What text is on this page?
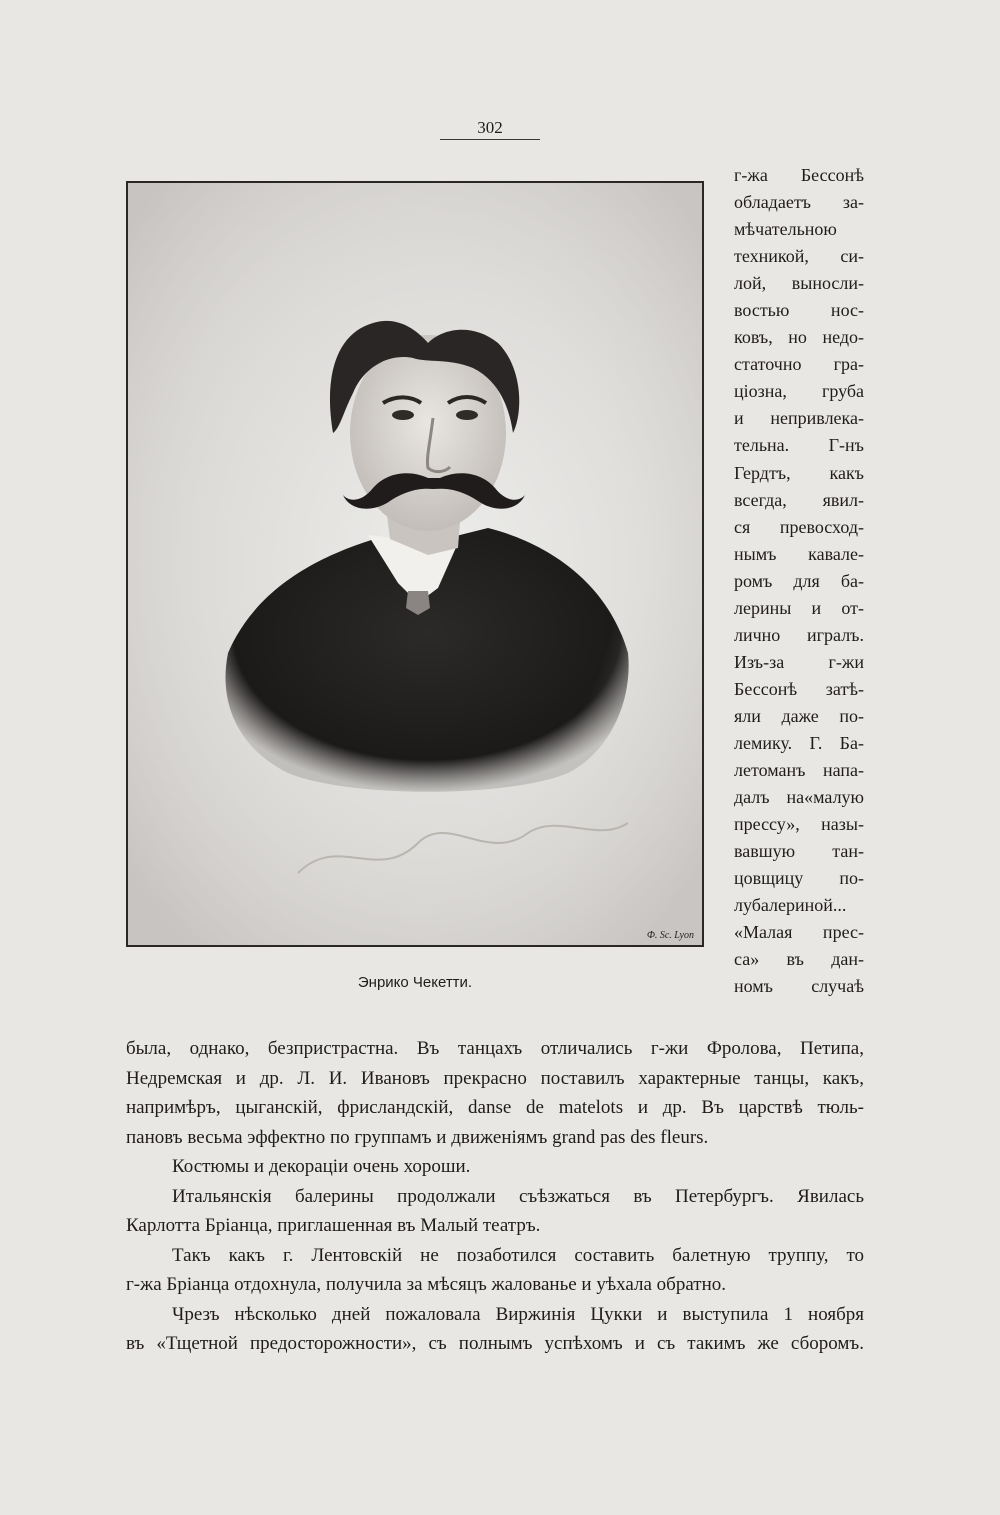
302
Ф. Sc. Lyon
Энрико Чекетти.
г-жа Бессонѣ
обладаетъ за-
мѣчательною
техникой, си-
лой, выносли-
востью нос-
ковъ, но недо-
статочно гра-
ціозна, груба
и непривлека-
тельна. Г-нъ
Гердтъ, какъ
всегда, явил-
ся превосход-
нымъ кавале-
ромъ для ба-
лерины и от-
лично игралъ.
Изъ-за г-жи
Бессонѣ затѣ-
яли даже по-
лемику. Г. Ба-
летоманъ напа-
далъ на«малую
прессу», назы-
вавшую тан-
цовщицу по-
лубалериной...
«Малая прес-
са» въ дан-
номъ случаѣ
была, однако, безпристрастна. Въ танцахъ отличались г-жи Фролова, Петипа,
Недремская и др. Л. И. Ивановъ прекрасно поставилъ характерные танцы, какъ,
напримѣръ, цыганскій, фрисландскій, danse de matelots и др. Въ царствѣ тюль-
пановъ весьма эффектно по группамъ и движеніямъ grand pas des fleurs.
Костюмы и декораціи очень хороши.
Итальянскія балерины продолжали съѣзжаться въ Петербургъ. Явилась
Карлотта Бріанца, приглашенная въ Малый театръ.
Такъ какъ г. Лентовскій не позаботился составить балетную труппу, то
г-жа Бріанца отдохнула, получила за мѣсяцъ жалованье и уѣхала обратно.
Чрезъ нѣсколько дней пожаловала Виржинія Цукки и выступила 1 ноября
въ «Тщетной предосторожности», съ полнымъ успѣхомъ и съ такимъ же сборомъ.
